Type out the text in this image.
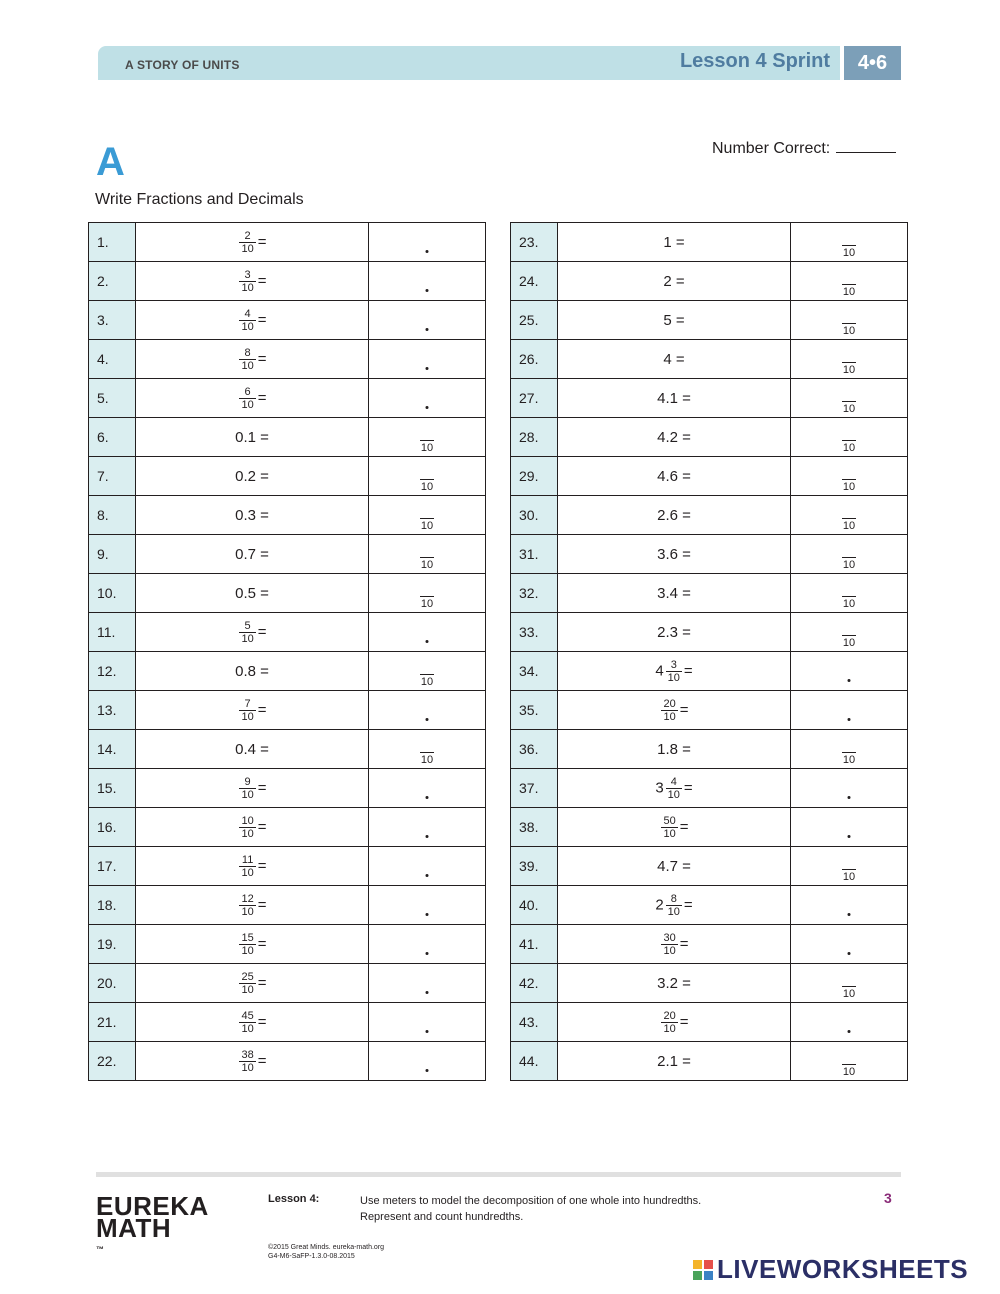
A STORY OF UNITS	Lesson 4 Sprint	4•6
A
Write Fractions and Decimals
Number Correct:
1.	$\frac{2}{10}$ =	

2.	$\frac{3}{10}$ =	

3.	$\frac{4}{10}$ =	

4.	$\frac{8}{10}$ =	

5.	$\frac{6}{10}$ =	

6.	0.1 =	10

7.	0.2 =	10

8.	0.3 =	10

9.	0.7 =	10

10.	0.5 =	10

11.	$\frac{5}{10}$ =	

12.	0.8 =	10

13.	$\frac{7}{10}$ =	

14.	0.4 =	10

15.	$\frac{9}{10}$ =	

16.	$\frac{10}{10}$ =	

17.	$\frac{11}{10}$ =	

18.	$\frac{12}{10}$ =	

19.	$\frac{15}{10}$ =	

20.	$\frac{25}{10}$ =	

21.	$\frac{45}{10}$ =	

22.	$\frac{38}{10}$ =	
23.	1 =	10

24.	2 =	10

25.	5 =	10

26.	4 =	10

27.	4.1 =	10

28.	4.2 =	10

29.	4.6 =	10

30.	2.6 =	10

31.	3.6 =	10

32.	3.4 =	10

33.	2.3 =	10

34.	$4 \frac{3}{10}$ =	

35.	$\frac{20}{10}$ =	

36.	1.8 =	10

37.	$3 \frac{4}{10}$ =	

38.	$\frac{50}{10}$ =	

39.	4.7 =	10

40.	$2 \frac{8}{10}$ =	

41.	$\frac{30}{10}$ =	

42.	3.2 =	10

43.	$\frac{20}{10}$ =	

44.	2.1 =	10
EUREKA
MATH
™
Lesson 4:	Use meters to model the decomposition of one whole into hundredths.
Represent and count hundredths.
3
©2015 Great Minds. eureka-math.org
G4-M6-SaFP-1.3.0-08.2015	LIVEWORKSHEETS
